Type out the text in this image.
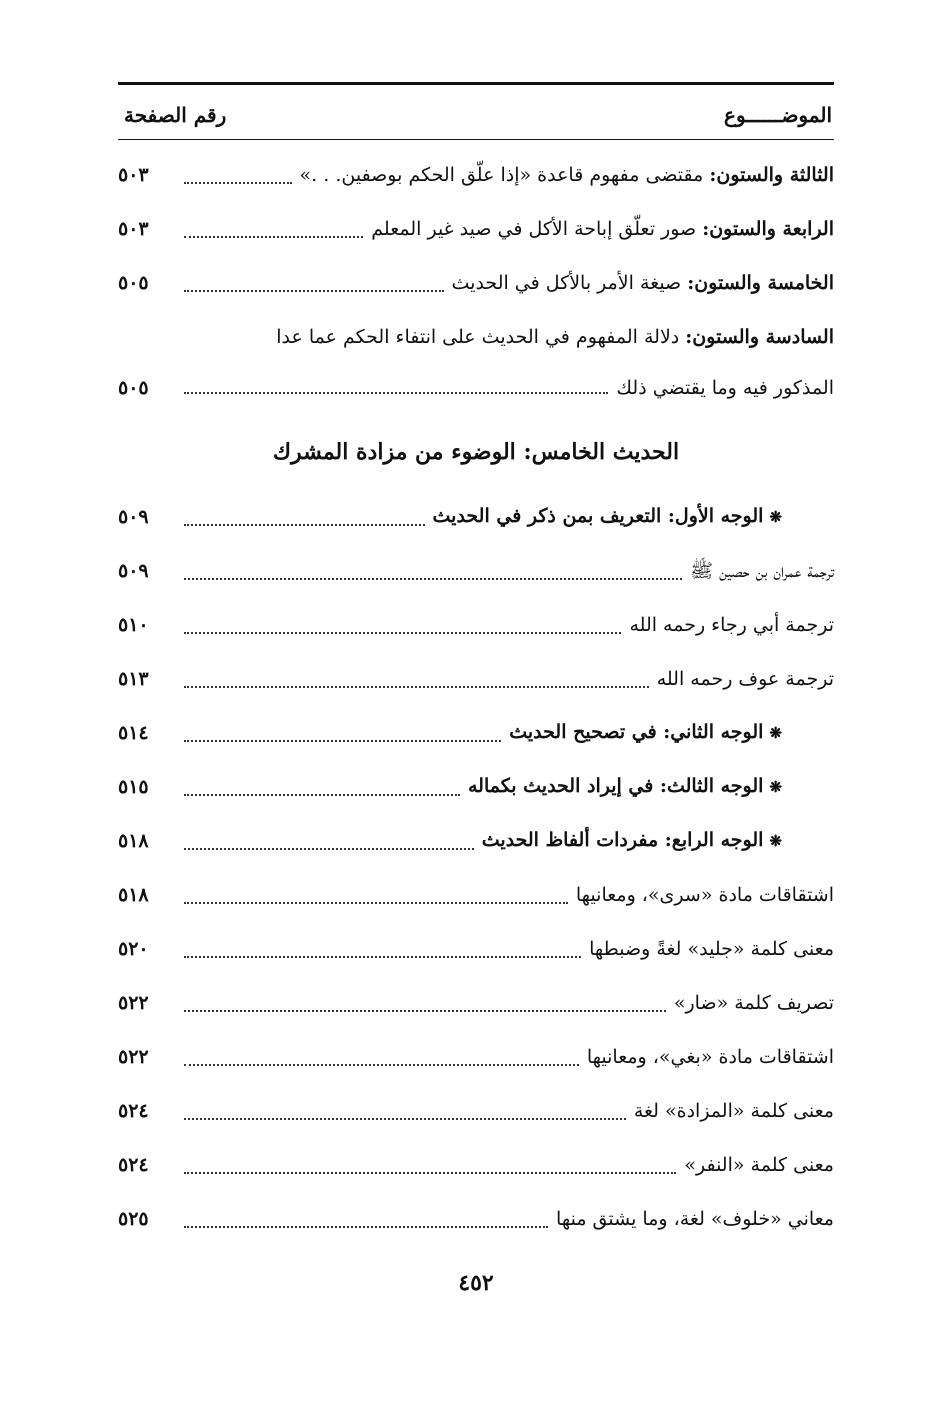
الموضــــــوع
رقم الصفحة
الثالثة والستون: مقتضى مفهوم قاعدة «إذا علّق الحكم بوصفين. . .»
٥٠٣
الرابعة والستون: صور تعلّق إباحة الأكل في صيد غير المعلم
٥٠٣
الخامسة والستون: صيغة الأمر بالأكل في الحديث
٥٠٥
السادسة والستون: دلالة المفهوم في الحديث على انتفاء الحكم عما عدا
المذكور فيه وما يقتضي ذلك
٥٠٥
الحديث الخامس: الوضوء من مزادة المشرك
❋الوجه الأول: التعريف بمن ذكر في الحديث
٥٠٩
ترجمة عمران بن حصين ﷺ
٥٠٩
ترجمة أبي رجاء رحمه الله
٥١٠
ترجمة عوف رحمه الله
٥١٣
❋الوجه الثاني: في تصحيح الحديث
٥١٤
❋الوجه الثالث: في إيراد الحديث بكماله
٥١٥
❋الوجه الرابع: مفردات ألفاظ الحديث
٥١٨
اشتقاقات مادة «سرى»، ومعانيها
٥١٨
معنى كلمة «جليد» لغةً وضبطها
٥٢٠
تصريف كلمة «ضار»
٥٢٢
اشتقاقات مادة «بغي»، ومعانيها
٥٢٢
معنى كلمة «المزادة» لغة
٥٢٤
معنى كلمة «النفر»
٥٢٤
معاني «خلوف» لغة، وما يشتق منها
٥٢٥
٤٥٢
